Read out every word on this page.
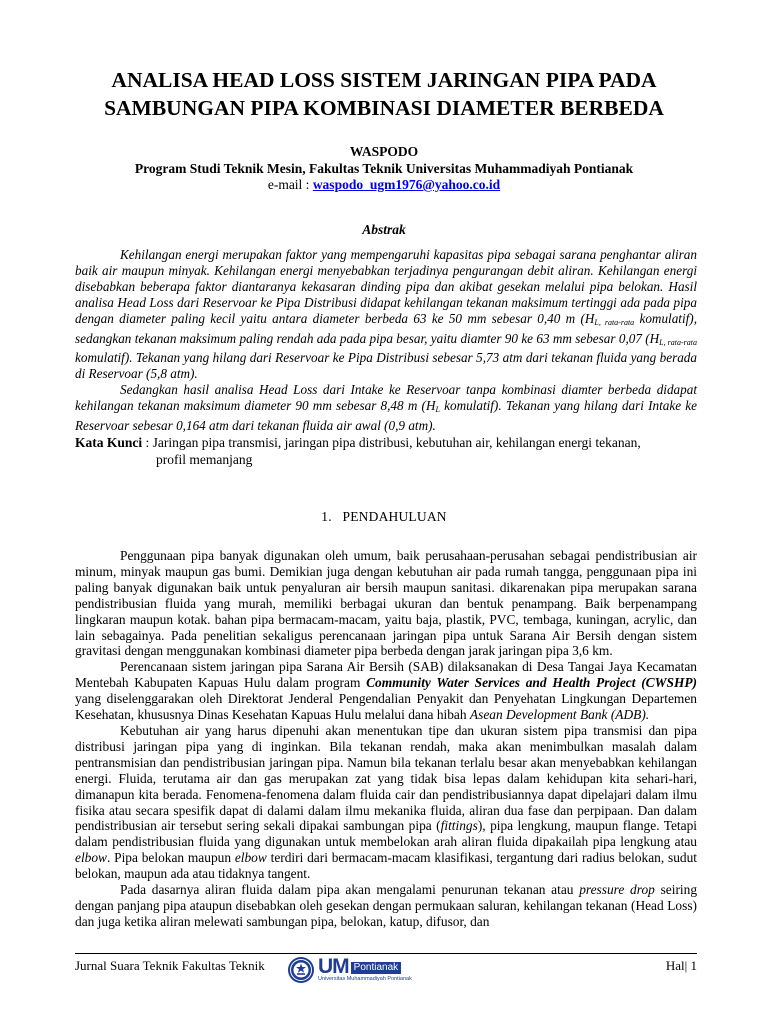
ANALISA HEAD LOSS SISTEM JARINGAN PIPA PADA
SAMBUNGAN PIPA KOMBINASI DIAMETER BERBEDA
WASPODO
Program Studi Teknik Mesin, Fakultas Teknik Universitas Muhammadiyah Pontianak
e-mail : waspodo_ugm1976@yahoo.co.id
Abstrak

Kehilangan energi merupakan faktor yang mempengaruhi kapasitas pipa sebagai sarana penghantar aliran baik air maupun minyak. Kehilangan energi menyebabkan terjadinya pengurangan debit aliran. Kehilangan energi disebabkan beberapa faktor diantaranya kekasaran dinding pipa dan akibat gesekan melalui pipa belokan. Hasil analisa Head Loss dari Reservoar ke Pipa Distribusi didapat kehilangan tekanan maksimum tertinggi ada pada pipa dengan diameter paling kecil yaitu antara diameter berbeda 63 ke 50 mm sebesar 0,40 m ($H_{L, rata-rata}$ komulatif), sedangkan tekanan maksimum paling rendah ada pada pipa besar, yaitu diamter 90 ke 63 mm sebesar 0,07 ($H_{L, rata-rata}$ komulatif). Tekanan yang hilang dari Reservoar ke Pipa Distribusi sebesar 5,73 atm dari tekanan fluida yang berada di Reservoar (5,8 atm).

Sedangkan hasil analisa Head Loss dari Intake ke Reservoar tanpa kombinasi diamter berbeda didapat kehilangan tekanan maksimum diameter 90 mm sebesar 8,48 m ($H_L$ komulatif). Tekanan yang hilang dari Intake ke Reservoar sebesar 0,164 atm dari tekanan fluida air awal (0,9 atm).

Kata Kunci : Jaringan pipa transmisi, jaringan pipa distribusi, kebutuhan air, kehilangan energi tekanan,
profil memanjang
1. PENDAHULUAN

Penggunaan pipa banyak digunakan oleh umum, baik perusahaan-perusahan sebagai pendistribusian air minum, minyak maupun gas bumi. Demikian juga dengan kebutuhan air pada rumah tangga, penggunaan pipa ini paling banyak digunakan baik untuk penyaluran air bersih maupun sanitasi. dikarenakan pipa merupakan sarana pendistribusian fluida yang murah, memiliki berbagai ukuran dan bentuk penampang. Baik berpenampang lingkaran maupun kotak. bahan pipa bermacam-macam, yaitu baja, plastik, PVC, tembaga, kuningan, acrylic, dan lain sebagainya. Pada penelitian sekaligus perencanaan jaringan pipa untuk Sarana Air Bersih dengan sistem gravitasi dengan menggunakan kombinasi diameter pipa berbeda dengan jarak jaringan pipa 3,6 km.

Perencanaan sistem jaringan pipa Sarana Air Bersih (SAB) dilaksanakan di Desa Tangai Jaya Kecamatan Mentebah Kabupaten Kapuas Hulu dalam program Community Water Services and Health Project (CWSHP) yang diselenggarakan oleh Direktorat Jenderal Pengendalian Penyakit dan Penyehatan Lingkungan Departemen Kesehatan, khususnya Dinas Kesehatan Kapuas Hulu melalui dana hibah Asean Development Bank (ADB).

Kebutuhan air yang harus dipenuhi akan menentukan tipe dan ukuran sistem pipa transmisi dan pipa distribusi jaringan pipa yang di inginkan. Bila tekanan rendah, maka akan menimbulkan masalah dalam pentransmisian dan pendistribusian jaringan pipa. Namun bila tekanan terlalu besar akan menyebabkan kehilangan energi. Fluida, terutama air dan gas merupakan zat yang tidak bisa lepas dalam kehidupan kita sehari-hari, dimanapun kita berada. Fenomena-fenomena dalam fluida cair dan pendistribusiannya dapat dipelajari dalam ilmu fisika atau secara spesifik dapat di dalami dalam ilmu mekanika fluida, aliran dua fase dan perpipaan. Dan dalam pendistribusian air tersebut sering sekali dipakai sambungan pipa (fittings), pipa lengkung, maupun flange. Tetapi dalam pendistribusian fluida yang digunakan untuk membelokan arah aliran fluida dipakailah pipa lengkung atau elbow. Pipa belokan maupun elbow terdiri dari bermacam-macam klasifikasi, tergantung dari radius belokan, sudut belokan, maupun ada atau tidaknya tangent.

Pada dasarnya aliran fluida dalam pipa akan mengalami penurunan tekanan atau pressure drop seiring dengan panjang pipa ataupun disebabkan oleh gesekan dengan permukaan saluran, kehilangan tekanan (Head Loss) dan juga ketika aliran melewati sambungan pipa, belokan, katup, difusor, dan

Jurnal Suara Teknik Fakultas Teknik	UM Pontianak
Universitas Muhammadiyah Pontianak
Hal| 1
